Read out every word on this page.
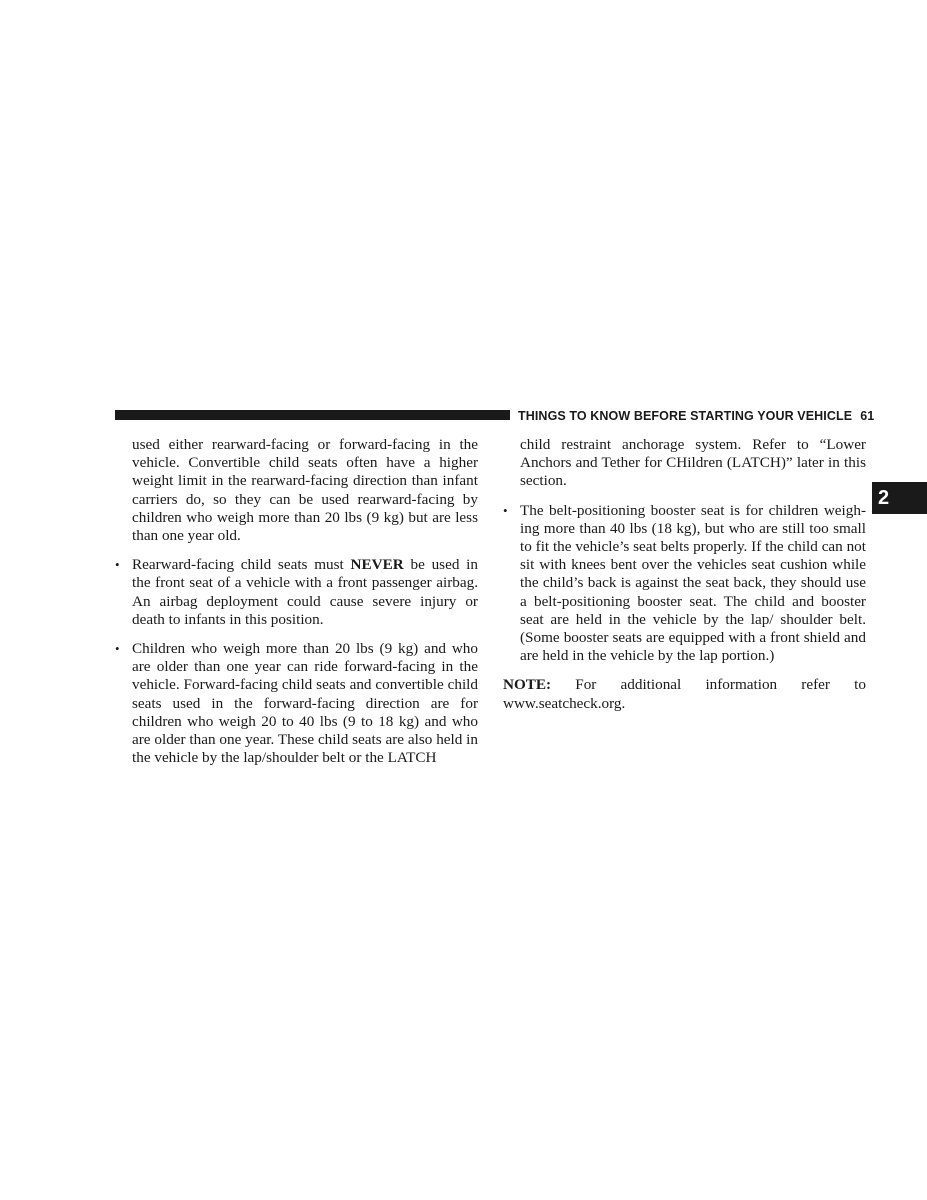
THINGS TO KNOW BEFORE STARTING YOUR VEHICLE 61
2

used either rearward-facing or forward-facing in the vehicle. Convertible child seats often have a higher weight limit in the rearward-facing direction than infant carriers do, so they can be used rearward-facing by children who weigh more than 20 lbs (9 kg) but are less than one year old.

• Rearward-facing child seats must NEVER be used in the front seat of a vehicle with a front passenger airbag. An airbag deployment could cause severe injury or death to infants in this position.
• Children who weigh more than 20 lbs (9 kg) and who are older than one year can ride forward-facing in the vehicle. Forward-facing child seats and convertible child seats used in the forward-facing direction are for children who weigh 20 to 40 lbs (9 to 18 kg) and who are older than one year. These child seats are also held in the vehicle by the lap/shoulder belt or the LATCH

child restraint anchorage system. Refer to “Lower Anchors and Tether for CHildren (LATCH)” later in this section.

• The belt-positioning booster seat is for children weigh-ing more than 40 lbs (18 kg), but who are still too small to fit the vehicle’s seat belts properly. If the child can not sit with knees bent over the vehicles seat cushion while the child’s back is against the seat back, they should use a belt-positioning booster seat. The child and booster seat are held in the vehicle by the lap/ shoulder belt. (Some booster seats are equipped with a front shield and are held in the vehicle by the lap portion.)
NOTE: For additional information refer to
www.seatcheck.org.
